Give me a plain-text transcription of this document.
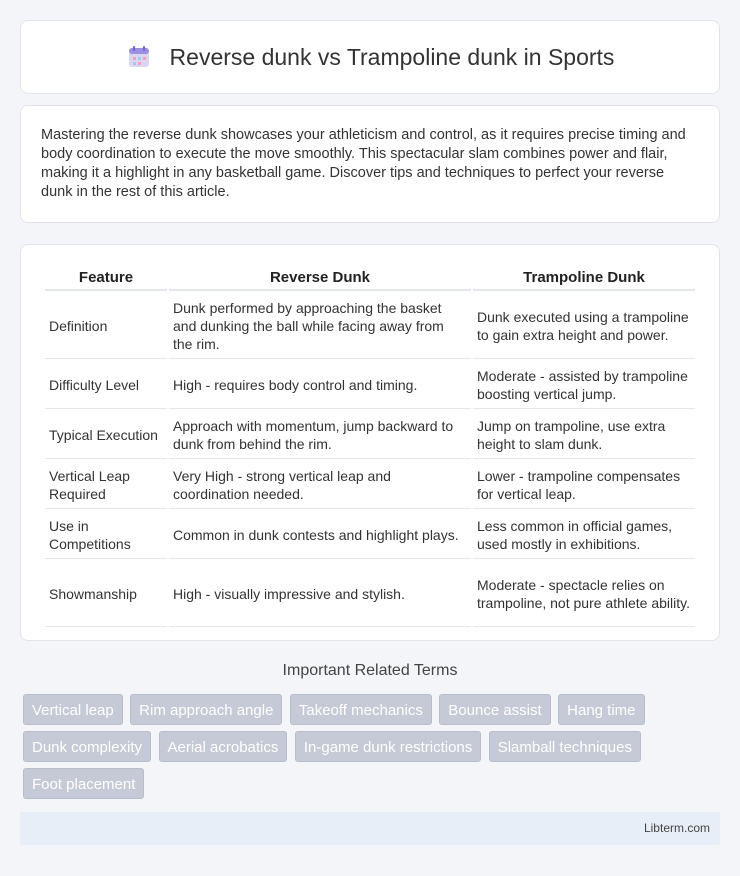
Reverse dunk vs Trampoline dunk in Sports

Mastering the reverse dunk showcases your athleticism and control, as it requires precise timing and body coordination to execute the move smoothly. This spectacular slam combines power and flair, making it a highlight in any basketball game. Discover tips and techniques to perfect your reverse dunk in the rest of this article.

Feature	Reverse Dunk	Trampoline Dunk
Definition	Dunk performed by approaching the basket and dunking the ball while facing away from the rim.	Dunk executed using a trampoline to gain extra height and power.
Difficulty Level	High - requires body control and timing.	Moderate - assisted by trampoline boosting vertical jump.
Typical Execution	Approach with momentum, jump backward to dunk from behind the rim.	Jump on trampoline, use extra height to slam dunk.
Vertical Leap Required	Very High - strong vertical leap and coordination needed.	Lower - trampoline compensates for vertical leap.
Use in Competitions	Common in dunk contests and highlight plays.	Less common in official games, used mostly in exhibitions.
Showmanship	High - visually impressive and stylish.	Moderate - spectacle relies on trampoline, not pure athlete ability.
Important Related Terms
Vertical leap Rim approach angle Takeoff mechanics Bounce assist Hang time Dunk complexity Aerial acrobatics In-game dunk restrictions Slamball techniques Foot placement
Libterm.com
